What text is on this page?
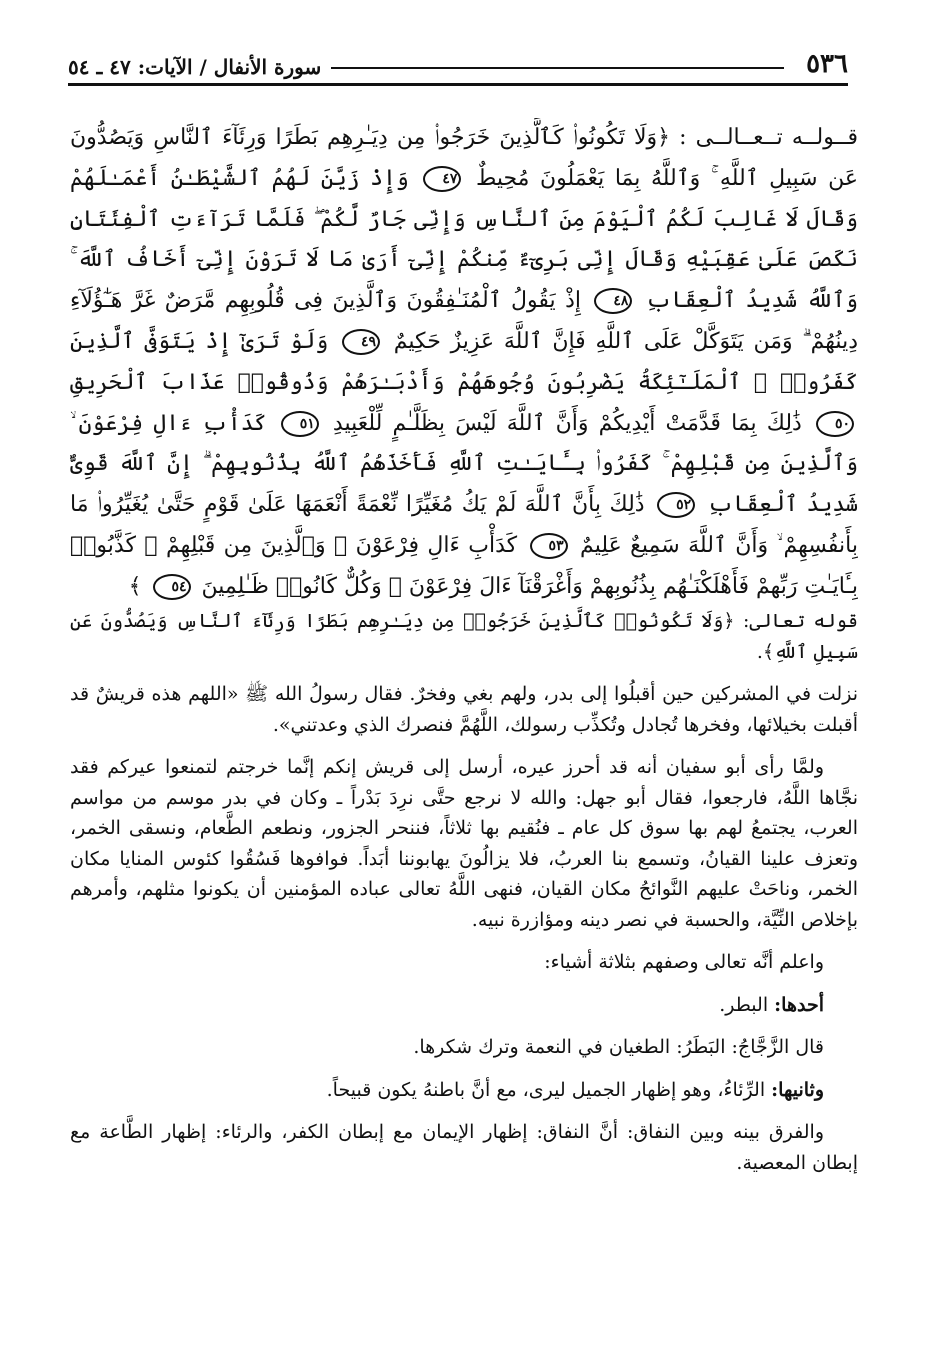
٥٣٦
سورة الأنفال / الآيات: ٤٧ ـ ٥٤
قــولــه تــعــالــى : ﴿وَلَا تَكُونُوا۟ كَٱلَّذِينَ خَرَجُوا۟ مِن دِيَـٰرِهِم بَطَرًا وَرِئَآءَ ٱلنَّاسِ وَيَصُدُّونَ عَن سَبِيلِ ٱللَّهِ ۚ وَٱللَّهُ بِمَا يَعْمَلُونَ مُحِيطٌ ٤٧ وَإِذْ زَيَّنَ لَهُمُ ٱلشَّيْطَـٰنُ أَعْمَـٰلَهُمْ وَقَالَ لَا غَالِبَ لَكُمُ ٱلْيَوْمَ مِنَ ٱلنَّاسِ وَإِنِّى جَارٌ لَّكُمْ ۖ فَلَمَّا تَرَآءَتِ ٱلْفِئَتَانِ نَكَصَ عَلَىٰ عَقِبَيْهِ وَقَالَ إِنِّى بَرِىٓءٌ مِّنكُمْ إِنِّىٓ أَرَىٰ مَا لَا تَرَوْنَ إِنِّىٓ أَخَافُ ٱللَّهَ ۚ وَٱللَّهُ شَدِيدُ ٱلْعِقَابِ ٤٨ إِذْ يَقُولُ ٱلْمُنَـٰفِقُونَ وَٱلَّذِينَ فِى قُلُوبِهِم مَّرَضٌ غَرَّ هَـٰٓؤُلَآءِ دِينُهُمْ ۗ وَمَن يَتَوَكَّلْ عَلَى ٱللَّهِ فَإِنَّ ٱللَّهَ عَزِيزٌ حَكِيمٌ ٤٩ وَلَوْ تَرَىٰٓ إِذْ يَتَوَفَّى ٱلَّذِينَ كَفَرُوا۟ ۙ ٱلْمَلَـٰٓئِكَةُ يَضْرِبُونَ وُجُوهَهُمْ وَأَدْبَـٰرَهُمْ وَذُوقُوا۟ عَذَابَ ٱلْحَرِيقِ ٥٠ ذَٰلِكَ بِمَا قَدَّمَتْ أَيْدِيكُمْ وَأَنَّ ٱللَّهَ لَيْسَ بِظَلَّـٰمٍ لِّلْعَبِيدِ ٥١ كَدَأْبِ ءَالِ فِرْعَوْنَ ۙ وَٱلَّذِينَ مِن قَبْلِهِمْ ۚ كَفَرُوا۟ بِـَٔايَـٰتِ ٱللَّهِ فَأَخَذَهُمُ ٱللَّهُ بِذُنُوبِهِمْ ۗ إِنَّ ٱللَّهَ قَوِىٌّ شَدِيدُ ٱلْعِقَابِ ٥٢ ذَٰلِكَ بِأَنَّ ٱللَّهَ لَمْ يَكُ مُغَيِّرًا نِّعْمَةً أَنْعَمَهَا عَلَىٰ قَوْمٍ حَتَّىٰ يُغَيِّرُوا۟ مَا بِأَنفُسِهِمْ ۙ وَأَنَّ ٱللَّهَ سَمِيعٌ عَلِيمٌ ٥٣ كَدَأْبِ ءَالِ فِرْعَوْنَ ۙ وَٱلَّذِينَ مِن قَبْلِهِمْ ۚ كَذَّبُوا۟ بِـَٔايَـٰتِ رَبِّهِمْ فَأَهْلَكْنَـٰهُم بِذُنُوبِهِمْ وَأَغْرَقْنَآ ءَالَ فِرْعَوْنَ ۚ وَكُلٌّ كَانُوا۟ ظَـٰلِمِينَ ٥٤ ﴾

قوله تعالى: ﴿وَلَا تَكُونُوا۟ كَٱلَّذِينَ خَرَجُوا۟ مِن دِيَـٰرِهِم بَطَرًا وَرِئَآءَ ٱلنَّاسِ وَيَصُدُّونَ عَن سَبِيلِ ٱللَّهِ﴾.

نزلت في المشركين حين أقبلُوا إلى بدر، ولهم بغي وفخرٌ. فقال رسولُ الله ﷺ «اللهم هذه قريشٌ قد أقبلت بخيلائها، وفخرها تُجادل وتُكذِّب رسولك، اللَّهُمَّ فنصرك الذي وعدتني».

ولمَّا رأى أبو سفيان أنه قد أحرز عيره، أرسل إلى قريش إنكم إنَّما خرجتم لتمنعوا عيركم فقد نجَّاها اللَّهُ، فارجعوا، فقال أبو جهل: والله لا نرجع حتَّى نرِدَ بَدْراً ـ وكان في بدر موسم من مواسم العرب، يجتمعُ لهم بها سوق كل عام ـ فنُقيم بها ثلاثاً، فننحر الجزور، ونطعم الطَّعام، ونسقى الخمر، وتعزف علينا القيانُ، وتسمع بنا العربُ، فلا يزالُونَ يهابوننا أبَداً. فوافوها فَسُقُوا كئوس المنايا مكان الخمر، وناحَتْ عليهم النَّوائحُ مكان القيان، فنهى اللَّهُ تعالى عباده المؤمنين أن يكونوا مثلهم، وأمرهم بإخلاص النِّيَّة، والحسبة في نصر دينه ومؤازرة نبيه.

واعلم أنَّه تعالى وصفهم بثلاثة أشياء:

أحدها: البطر.

قال الزَّجَّاجُ: البَطَرُ: الطغيان في النعمة وترك شكرها.

وثانيها: الرِّئاءُ، وهو إظهار الجميل ليرى، مع أنَّ باطنهُ يكون قبيحاً.

والفرق بينه وبين النفاق: أنَّ النفاق: إظهار الإيمان مع إبطان الكفر، والرئاء: إظهار الطَّاعة مع إبطان المعصية.
